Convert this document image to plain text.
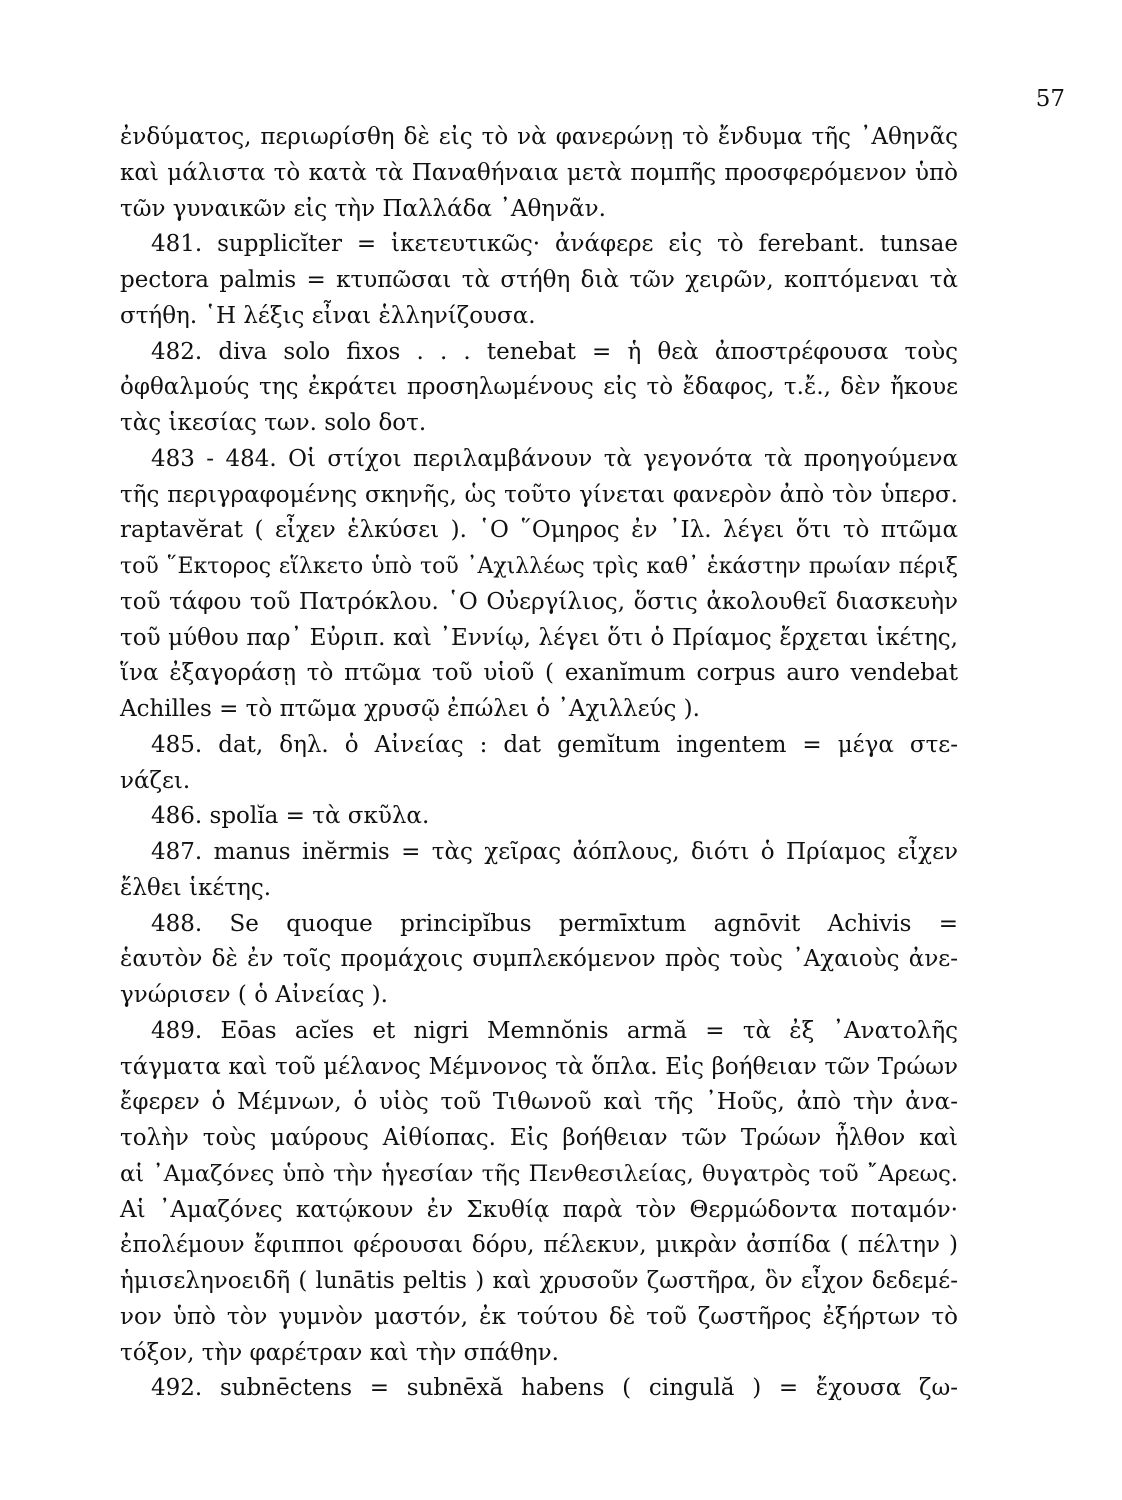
57
ἐνδύματος, περιωρίσθη δὲ εἰς τὸ νὰ φανερώνῃ τὸ ἔνδυμα τῆς ᾽Αθηνᾶς
καὶ μάλιστα τὸ κατὰ τὰ Παναθήναια μετὰ πομπῆς προσφερόμενον ὑπὸ
τῶν γυναικῶν εἰς τὴν Παλλάδα ᾽Αθηνᾶν.
481. supplicĭter = ἱκετευτικῶς· ἀνάφερε εἰς τὸ ferebant. tunsae
pectora palmis = κτυπῶσαι τὰ στήθη διὰ τῶν χειρῶν, κοπτόμεναι τὰ
στήθη. ῾Η λέξις εἶναι ἑλληνίζουσα.
482. diva solo fixos . . . tenebat = ἡ θεὰ ἀποστρέφουσα τοὺς
ὀφθαλμούς της ἐκράτει προσηλωμένους εἰς τὸ ἔδαφος, τ.ἔ., δὲν ἤκουε
τὰς ἱκεσίας των. solo δοτ.
483 - 484. Οἱ στίχοι περιλαμβάνουν τὰ γεγονότα τὰ προηγούμενα
τῆς περιγραφομένης σκηνῆς, ὡς τοῦτο γίνεται φανερὸν ἀπὸ τὸν ὑπερσ.
raptavĕrat ( εἶχεν ἑλκύσει ). ῾Ο ῞Ομηρος ἐν ᾽Ιλ. λέγει ὅτι τὸ πτῶμα
τοῦ ῞Εκτορος εἵλκετο ὑπὸ τοῦ ᾽Αχιλλέως τρὶς καθ᾽ ἑκάστην πρωίαν πέριξ
τοῦ τάφου τοῦ Πατρόκλου. ῾Ο Οὐεργίλιος, ὅστις ἀκολουθεῖ διασκευὴν
τοῦ μύθου παρ᾽ Εὐριπ. καὶ ᾽Εννίῳ, λέγει ὅτι ὁ Πρίαμος ἔρχεται ἱκέτης,
ἵνα ἐξαγοράσῃ τὸ πτῶμα τοῦ υἱοῦ ( exanĭmum corpus auro vendebat
Achilles = τὸ πτῶμα χρυσῷ ἐπώλει ὁ ᾽Αχιλλεύς ).
485. dat, δηλ. ὁ Αἰνείας : dat gemĭtum ingentem = μέγα στε-
νάζει.
486. spolĭa = τὰ σκῦλα.
487. manus inĕrmis = τὰς χεῖρας ἀόπλους, διότι ὁ Πρίαμος εἶχεν
ἔλθει ἱκέτης.
488. Se quoque principĭbus permīxtum agnōvit Achivis =
ἑαυτὸν δὲ ἐν τοῖς προμάχοις συμπλεκόμενον πρὸς τοὺς ᾽Αχαιοὺς ἀνε-
γνώρισεν ( ὁ Αἰνείας ).
489. Eōas acĭes et nigri Memnŏnis armă = τὰ ἐξ ᾽Ανατολῆς
τάγματα καὶ τοῦ μέλανος Μέμνονος τὰ ὅπλα. Εἰς βοήθειαν τῶν Τρώων
ἔφερεν ὁ Μέμνων, ὁ υἱὸς τοῦ Τιθωνοῦ καὶ τῆς ᾽Ηοῦς, ἀπὸ τὴν ἀνα-
τολὴν τοὺς μαύρους Αἰθίοπας. Εἰς βοήθειαν τῶν Τρώων ἦλθον καὶ
αἱ ᾽Αμαζόνες ὑπὸ τὴν ἡγεσίαν τῆς Πενθεσιλείας, θυγατρὸς τοῦ ῎Αρεως.
Αἱ ᾽Αμαζόνες κατῴκουν ἐν Σκυθίᾳ παρὰ τὸν Θερμώδοντα ποταμόν·
ἐπολέμουν ἔφιπποι φέρουσαι δόρυ, πέλεκυν, μικρὰν ἀσπίδα ( πέλτην )
ἡμισεληνοειδῆ ( lunātis peltis ) καὶ χρυσοῦν ζωστῆρα, ὃν εἶχον δεδεμέ-
νον ὑπὸ τὸν γυμνὸν μαστόν, ἐκ τούτου δὲ τοῦ ζωστῆρος ἐξήρτων τὸ
τόξον, τὴν φαρέτραν καὶ τὴν σπάθην.
492. subnēctens = subnēxă habens ( cingulă ) = ἔχουσα ζω-
